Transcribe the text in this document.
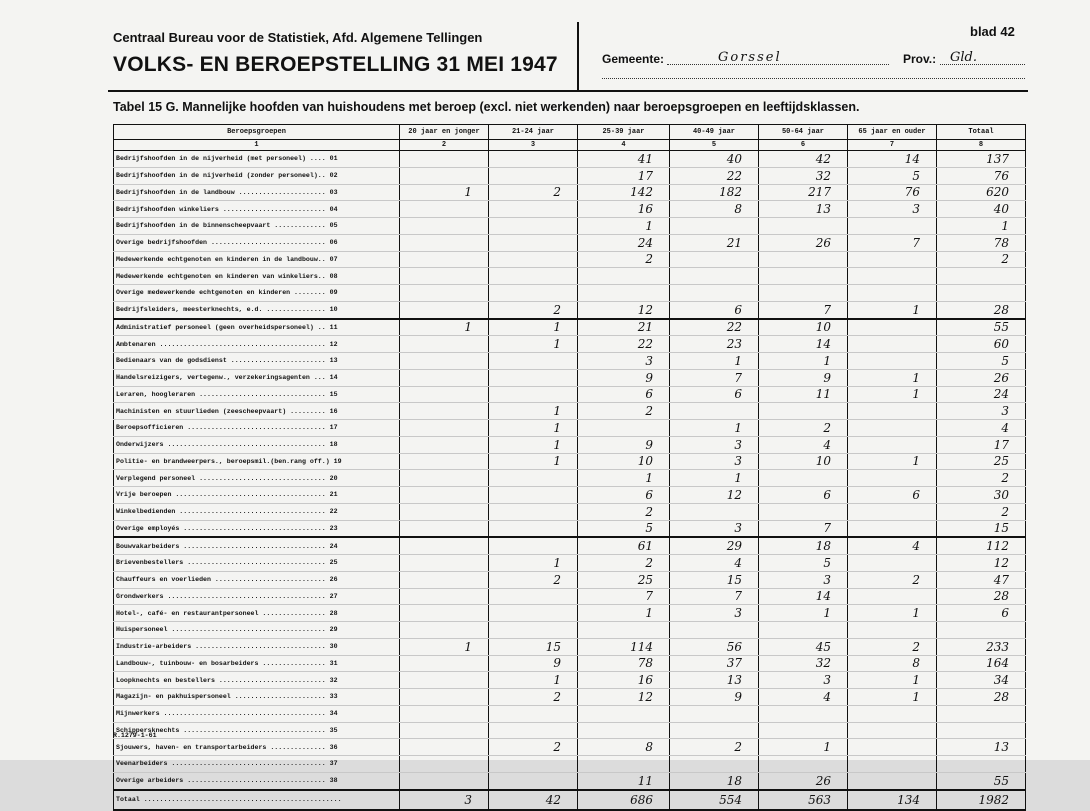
Centraal Bureau voor de Statistiek, Afd. Algemene Tellingen
VOLKS- EN BEROEPSTELLING 31 MEI 1947
blad 42
Gemeente:	Gorssel	Prov.: Gld.
Tabel 15 G. Mannelijke hoofden van huishoudens met beroep (excl. niet werkenden) naar beroepsgroepen en leeftijdsklassen.
Beroepsgroepen	20 jaar en jonger	21-24 jaar	25-39 jaar	40-49 jaar	50-64 jaar	65 jaar en ouder	Totaal
1	2	3	4	5	6	7	8
Bedrijfshoofden in de nijverheid (met personeel) .... 01			41	40	42	14	137
Bedrijfshoofden in de nijverheid (zonder personeel).. 02			17	22	32	5	76
Bedrijfshoofden in de landbouw ...................... 03	1	2	142	182	217	76	620
Bedrijfshoofden winkeliers .......................... 04			16	8	13	3	40
Bedrijfshoofden in de binnenscheepvaart ............. 05			1				1
Overige bedrijfshoofden ............................. 06			24	21	26	7	78
Medewerkende echtgenoten en kinderen in de landbouw.. 07			2				2
Medewerkende echtgenoten en kinderen van winkeliers.. 08							
Overige medewerkende echtgenoten en kinderen ........ 09							
Bedrijfsleiders, meesterknechts, e.d. ............... 10		2	12	6	7	1	28
Administratief personeel (geen overheidspersoneel) .. 11	1	1	21	22	10		55
Ambtenaren .......................................... 12		1	22	23	14		60
Bedienaars van de godsdienst ........................ 13			3	1	1		5
Handelsreizigers, vertegenw., verzekeringsagenten ... 14			9	7	9	1	26
Leraren, hoogleraren ................................ 15			6	6	11	1	24
Machinisten en stuurlieden (zeescheepvaart) ......... 16		1	2				3
Beroepsofficieren ................................... 17		1		1	2		4
Onderwijzers ........................................ 18		1	9	3	4		17
Politie- en brandweerpers., beroepsmil.(ben.rang off.) 19		1	10	3	10	1	25
Verplegend personeel ................................ 20			1	1			2
Vrije beroepen ...................................... 21			6	12	6	6	30
Winkelbedienden ..................................... 22			2				2
Overige employés .................................... 23			5	3	7		15
Bouwvakarbeiders .................................... 24			61	29	18	4	112
Brievenbestellers ................................... 25		1	2	4	5		12
Chauffeurs en voerlieden ............................ 26		2	25	15	3	2	47
Grondwerkers ........................................ 27			7	7	14		28
Hotel-, café- en restaurantpersoneel ................ 28			1	3	1	1	6
Huispersoneel ....................................... 29							
Industrie-arbeiders ................................. 30	1	15	114	56	45	2	233
Landbouw-, tuinbouw- en bosarbeiders ................ 31		9	78	37	32	8	164
Loopknechts en bestellers ........................... 32		1	16	13	3	1	34
Magazijn- en pakhuispersoneel ....................... 33		2	12	9	4	1	28
Mijnwerkers ......................................... 34							
Schippersknechts .................................... 35							
Sjouwers, haven- en transportarbeiders .............. 36		2	8	2	1		13
Veenarbeiders ....................................... 37							
Overige arbeiders ................................... 38			11	18	26		55
Totaal ..................................................	3	42	686	554	563	134	1982
R.1279-1-61
